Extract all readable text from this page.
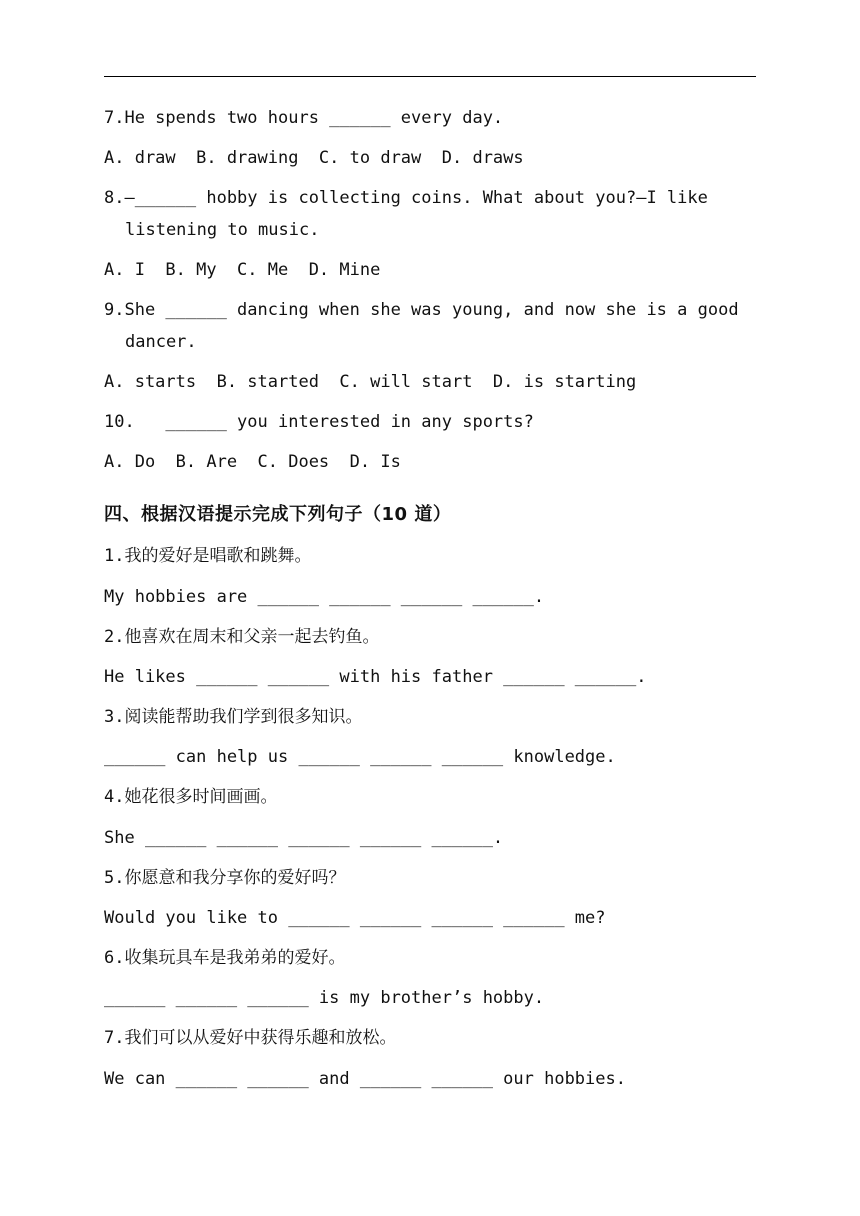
7.He spends two hours ______ every day.
A. draw  B. drawing  C. to draw  D. draws
8.—______ hobby is collecting coins. What about you?—I like
listening to music.
A. I  B. My  C. Me  D. Mine
9.She ______ dancing when she was young, and now she is a good
dancer.
A. starts  B. started  C. will start  D. is starting
10.   ______ you interested in any sports?
A. Do  B. Are  C. Does  D. Is
四、根据汉语提示完成下列句子（10 道）
1.我的爱好是唱歌和跳舞。
My hobbies are ______ ______ ______ ______.
2.他喜欢在周末和父亲一起去钓鱼。
He likes ______ ______ with his father ______ ______.
3.阅读能帮助我们学到很多知识。
______ can help us ______ ______ ______ knowledge.
4.她花很多时间画画。
She ______ ______ ______ ______ ______.
5.你愿意和我分享你的爱好吗？
Would you like to ______ ______ ______ ______ me?
6.收集玩具车是我弟弟的爱好。
______ ______ ______ is my brother’s hobby.
7.我们可以从爱好中获得乐趣和放松。
We can ______ ______ and ______ ______ our hobbies.
